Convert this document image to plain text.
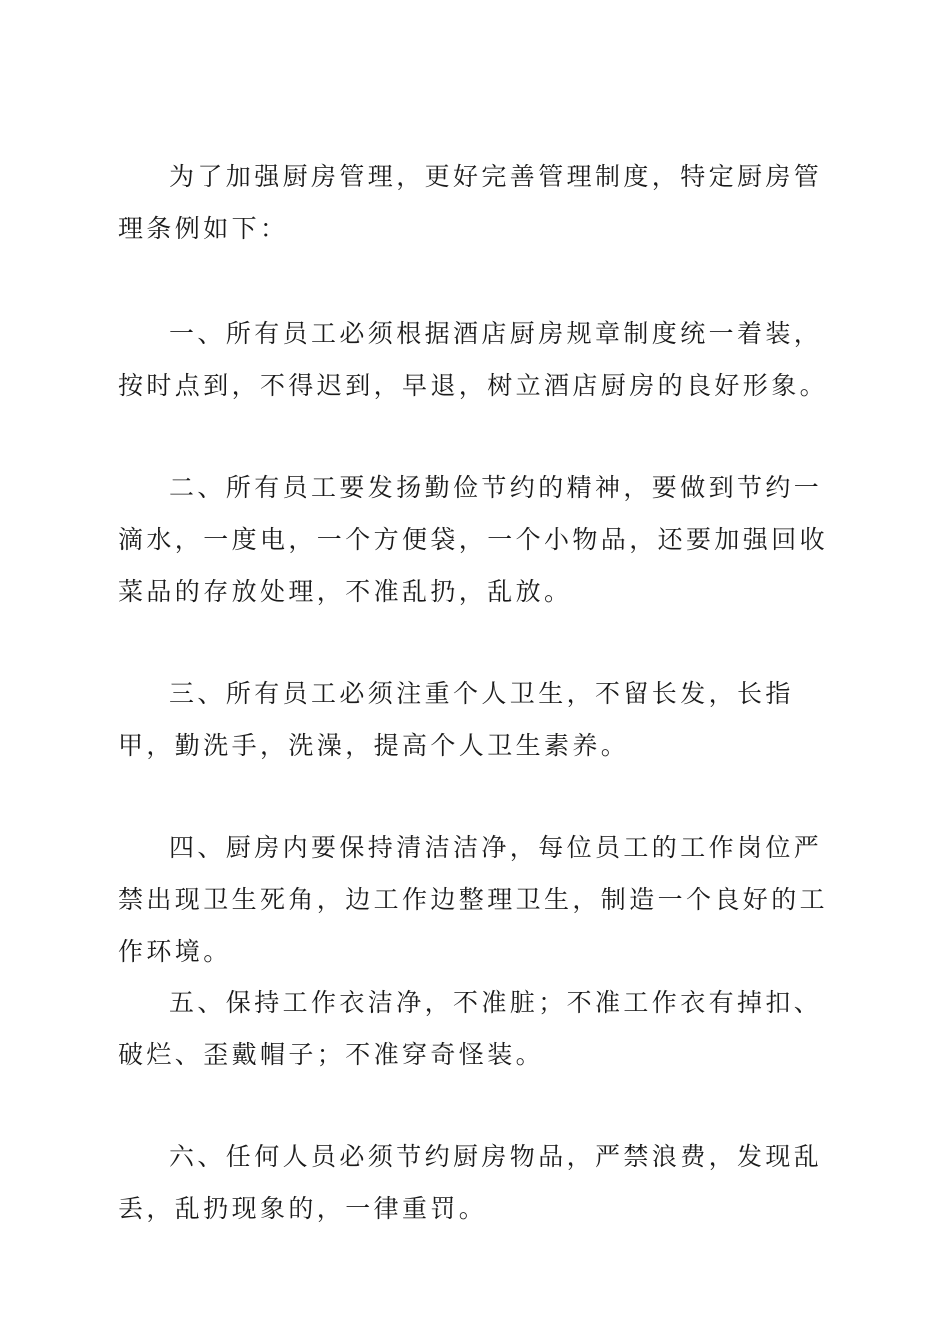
为了加强厨房管理，更好完善管理制度，特定厨房管理条例如下：

一、所有员工必须根据酒店厨房规章制度统一着装，按时点到，不得迟到，早退，树立酒店厨房的良好形象。

二、所有员工要发扬勤俭节约的精神，要做到节约一滴水，一度电，一个方便袋，一个小物品，还要加强回收菜品的存放处理，不准乱扔，乱放。

三、所有员工必须注重个人卫生，不留长发，长指甲，勤洗手，洗澡，提高个人卫生素养。

四、厨房内要保持清洁洁净，每位员工的工作岗位严禁出现卫生死角，边工作边整理卫生，制造一个良好的工作环境。

五、保持工作衣洁净，不准脏；不准工作衣有掉扣、破烂、歪戴帽子；不准穿奇怪装。

六、任何人员必须节约厨房物品，严禁浪费，发现乱丢，乱扔现象的，一律重罚。
